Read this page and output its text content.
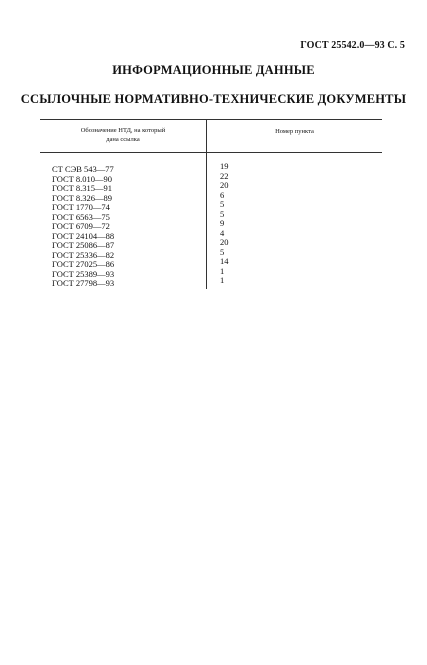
ГОСТ 25542.0—93 С. 5
ИНФОРМАЦИОННЫЕ ДАННЫЕ
ССЫЛОЧНЫЕ НОРМАТИВНО-ТЕХНИЧЕСКИЕ ДОКУМЕНТЫ
Обозначение НТД, на который
дана ссылка
Номер пункта
СТ СЭВ 543—77
ГОСТ 8.010—90
ГОСТ 8.315—91
ГОСТ 8.326—89
ГОСТ 1770—74
ГОСТ 6563—75
ГОСТ 6709—72
ГОСТ 24104—88
ГОСТ 25086—87
ГОСТ 25336—82
ГОСТ 27025—86
ГОСТ 25389—93
ГОСТ 27798—93
19
22
20
6
5
5
9
4
20
5
14
1
1
